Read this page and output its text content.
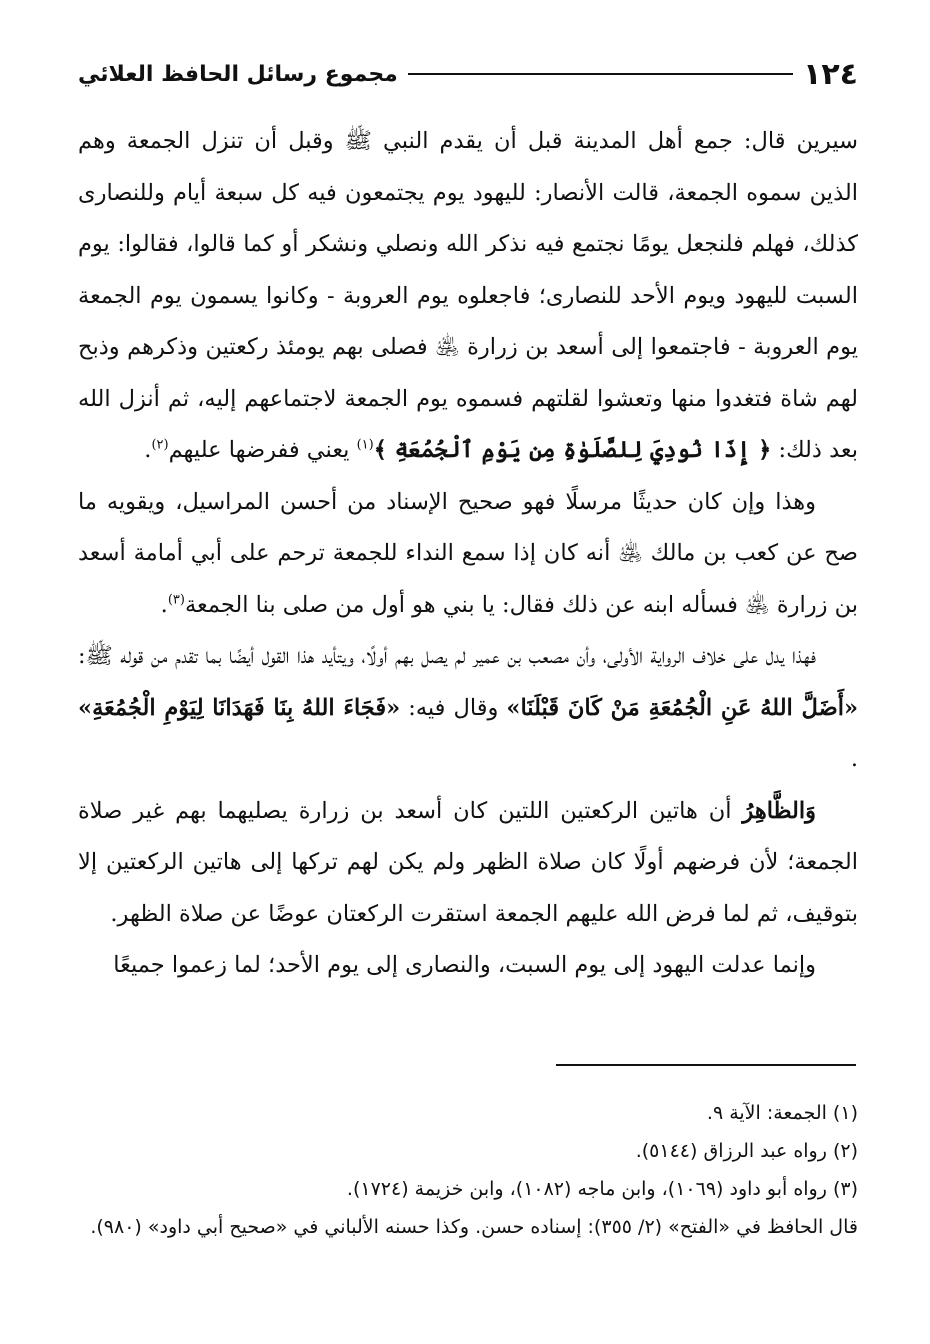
١٢٤
مجموع رسائل الحافظ العلائي

سيرين قال: جمع أهل المدينة قبل أن يقدم النبي ﷺ وقبل أن تنزل الجمعة وهم الذين سموه الجمعة، قالت الأنصار: لليهود يوم يجتمعون فيه كل سبعة أيام وللنصارى كذلك، فهلم فلنجعل يومًا نجتمع فيه نذكر الله ونصلي ونشكر أو كما قالوا، فقالوا: يوم السبت لليهود ويوم الأحد للنصارى؛ فاجعلوه يوم العروبة - وكانوا يسمون يوم الجمعة يوم العروبة - فاجتمعوا إلى أسعد بن زرارة ﵁ فصلى بهم يومئذ ركعتين وذكرهم وذبح لهم شاة فتغدوا منها وتعشوا لقلتهم فسموه يوم الجمعة لاجتماعهم إليه، ثم أنزل الله بعد ذلك: ﴿ إِذَا نُودِيَ لِلصَّلَوٰةِ مِن يَوْمِ ٱلْجُمُعَةِ ﴾$^{(١)}$ يعني ففرضها عليهم$^{(٢)}$.

وهذا وإن كان حديثًا مرسلًا فهو صحيح الإسناد من أحسن المراسيل، ويقويه ما صح عن كعب بن مالك ﵁ أنه كان إذا سمع النداء للجمعة ترحم على أبي أمامة أسعد بن زرارة ﵁ فسأله ابنه عن ذلك فقال: يا بني هو أول من صلى بنا الجمعة$^{(٣)}$.

فهذا يدل على خلاف الرواية الأولى، وأن مصعب بن عمير لم يصل بهم أولًا، ويتأيد هذا القول أيضًا بما تقدم من قوله ﷺ: «أَضَلَّ اللهُ عَنِ الْجُمُعَةِ مَنْ كَانَ قَبْلَنَا» وقال فيه: «فَجَاءَ اللهُ بِنَا فَهَدَانَا لِيَوْمِ الْجُمُعَةِ» .

وَالظَّاهِرُ أن هاتين الركعتين اللتين كان أسعد بن زرارة يصليهما بهم غير صلاة الجمعة؛ لأن فرضهم أولًا كان صلاة الظهر ولم يكن لهم تركها إلى هاتين الركعتين إلا بتوقيف، ثم لما فرض الله عليهم الجمعة استقرت الركعتان عوضًا عن صلاة الظهر.

وإنما عدلت اليهود إلى يوم السبت، والنصارى إلى يوم الأحد؛ لما زعموا جميعًا

(١) الجمعة: الآية ٩.

(٢) رواه عبد الرزاق (٥١٤٤).

(٣) رواه أبو داود (١٠٦٩)، وابن ماجه (١٠٨٢)، وابن خزيمة (١٧٢٤).

قال الحافظ في «الفتح» (٢/ ٣٥٥): إسناده حسن. وكذا حسنه الألباني في «صحيح أبي داود» (٩٨٠).
